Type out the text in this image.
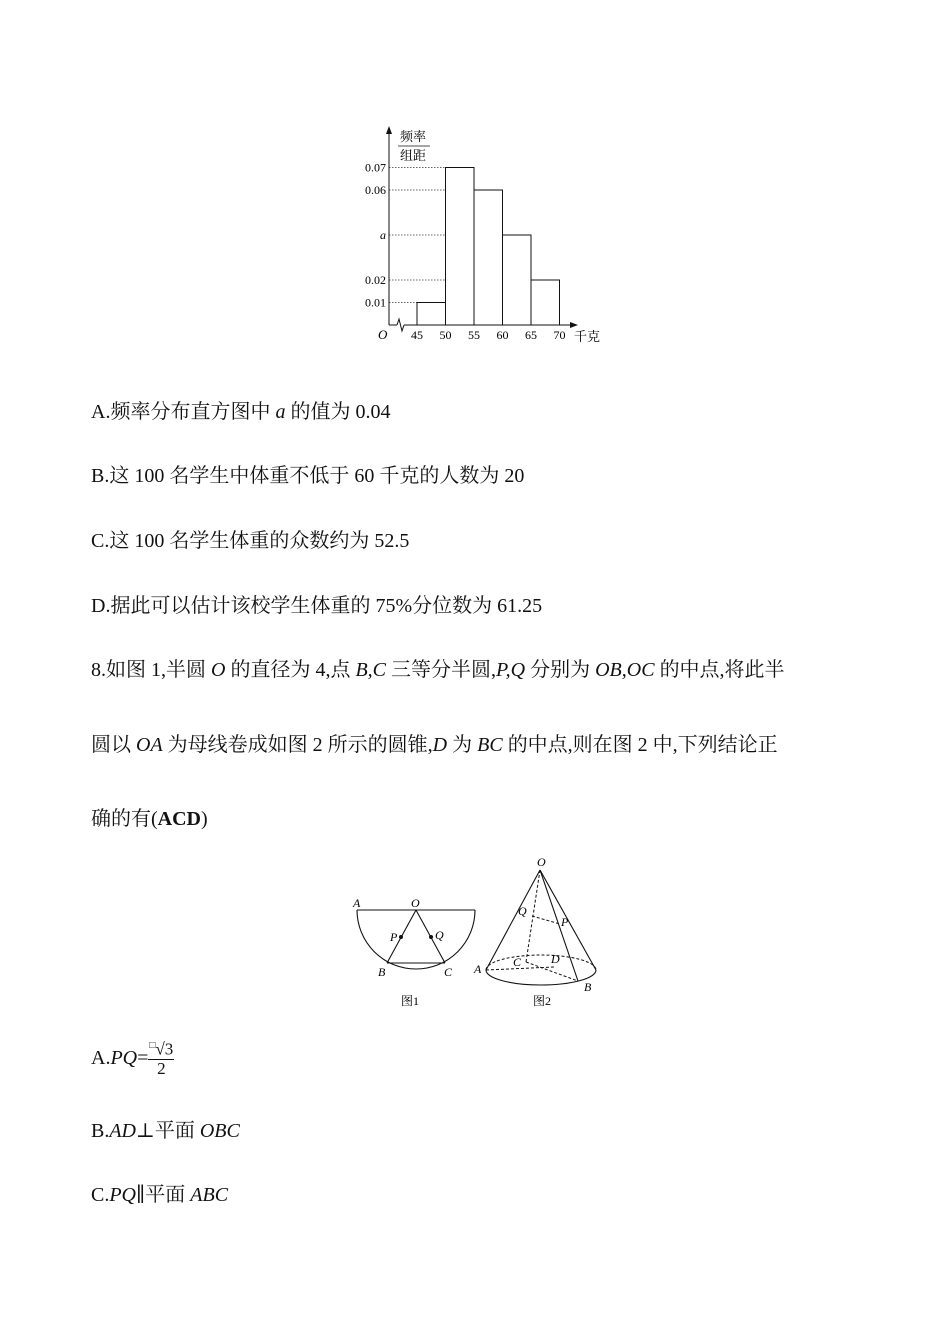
O
频率
组距
千克
45 50 55 60 65 70
0.07
0.06
a
0.02
0.01
A.频率分布直方图中 a 的值为 0.04
B.这 100 名学生中体重不低于 60 千克的人数为 20
C.这 100 名学生体重的众数约为 52.5
D.据此可以估计该校学生体重的 75%分位数为 61.25
8.如图 1,半圆 O 的直径为 4,点 B,C 三等分半圆,P,Q 分别为 OB,OC 的中点,将此半
圆以 OA 为母线卷成如图 2 所示的圆锥,D 为 BC 的中点,则在图 2 中,下列结论正
确的有(ACD)
A	O
P	Q
B	C
图1
O
Q
P
C D
A
B
图2
$A.PQ= \frac{^□√3}{2}$
B.AD⊥平面 OBC
C.PQ∥平面 ABC
